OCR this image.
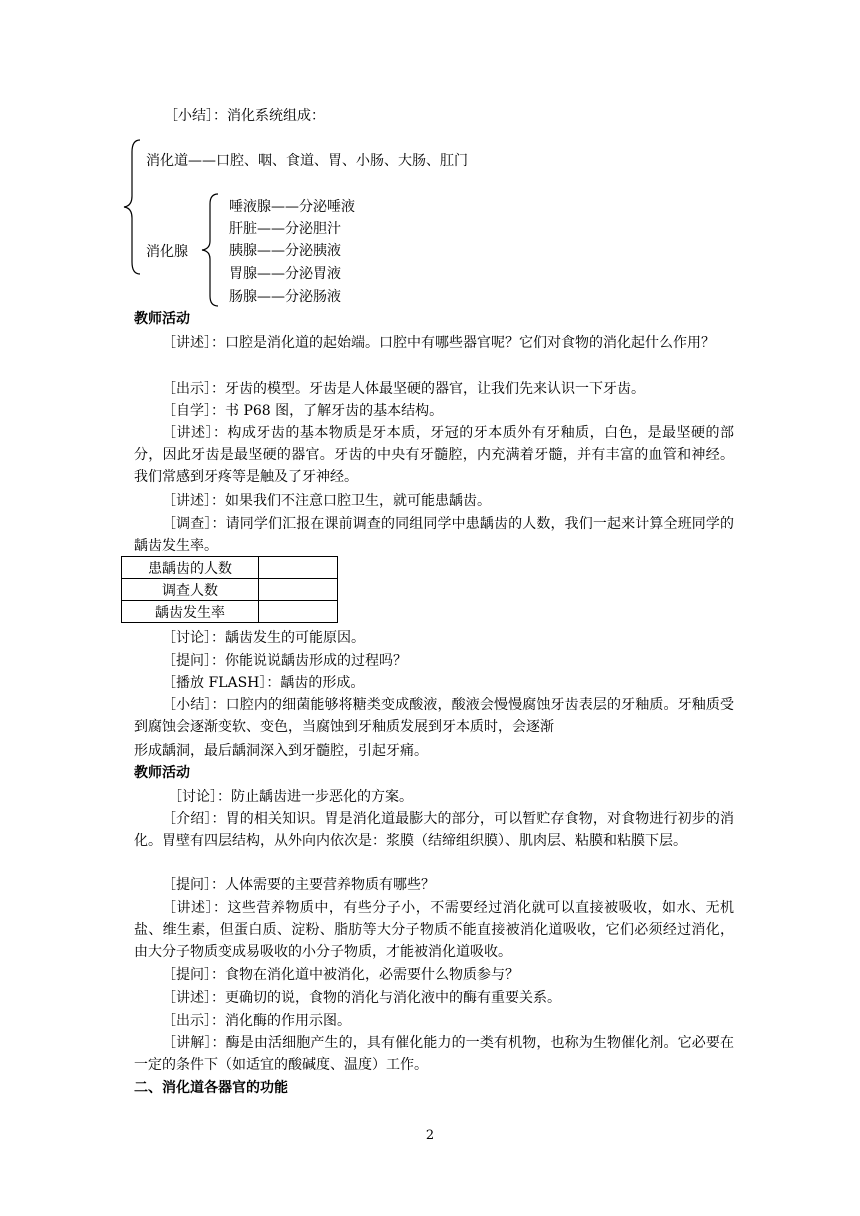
［小结］：消化系统组成：
消化道——口腔、咽、食道、胃、小肠、大肠、肛门
消化腺
唾液腺——分泌唾液
肝脏——分泌胆汁
胰腺——分泌胰液
胃腺——分泌胃液
肠腺——分泌肠液
教师活动
［讲述］：口腔是消化道的起始端。口腔中有哪些器官呢？它们对食物的消化起什么作用？
［出示］：牙齿的模型。牙齿是人体最坚硬的器官，让我们先来认识一下牙齿。
［自学］：书 P68 图，了解牙齿的基本结构。
［讲述］：构成牙齿的基本物质是牙本质，牙冠的牙本质外有牙釉质，白色，是最坚硬的部分，因此牙齿是最坚硬的器官。牙齿的中央有牙髓腔，内充满着牙髓，并有丰富的血管和神经。我们常感到牙疼等是触及了牙神经。
［讲述］：如果我们不注意口腔卫生，就可能患龋齿。
［调查］：请同学们汇报在课前调查的同组同学中患龋齿的人数，我们一起来计算全班同学的龋齿发生率。
患龋齿的人数	
调查人数	
龋齿发生率	
［讨论］：龋齿发生的可能原因。
［提问］：你能说说龋齿形成的过程吗？
［播放 FLASH］：龋齿的形成。
［小结］：口腔内的细菌能够将糖类变成酸液，酸液会慢慢腐蚀牙齿表层的牙釉质。牙釉质受到腐蚀会逐渐变软、变色，当腐蚀到牙釉质发展到牙本质时，会逐渐
形成龋洞，最后龋洞深入到牙髓腔，引起牙痛。
教师活动
［讨论］：防止龋齿进一步恶化的方案。
［介绍］：胃的相关知识。胃是消化道最膨大的部分，可以暂贮存食物，对食物进行初步的消化。胃壁有四层结构，从外向内依次是：浆膜（结缔组织膜）、肌肉层、粘膜和粘膜下层。
［提问］：人体需要的主要营养物质有哪些？
［讲述］：这些营养物质中，有些分子小，不需要经过消化就可以直接被吸收，如水、无机盐、维生素，但蛋白质、淀粉、脂肪等大分子物质不能直接被消化道吸收，它们必须经过消化，由大分子物质变成易吸收的小分子物质，才能被消化道吸收。
［提问］：食物在消化道中被消化，必需要什么物质参与？
［讲述］：更确切的说，食物的消化与消化液中的酶有重要关系。
［出示］：消化酶的作用示图。
［讲解］：酶是由活细胞产生的，具有催化能力的一类有机物，也称为生物催化剂。它必要在一定的条件下（如适宜的酸碱度、温度）工作。
二、消化道各器官的功能
2
